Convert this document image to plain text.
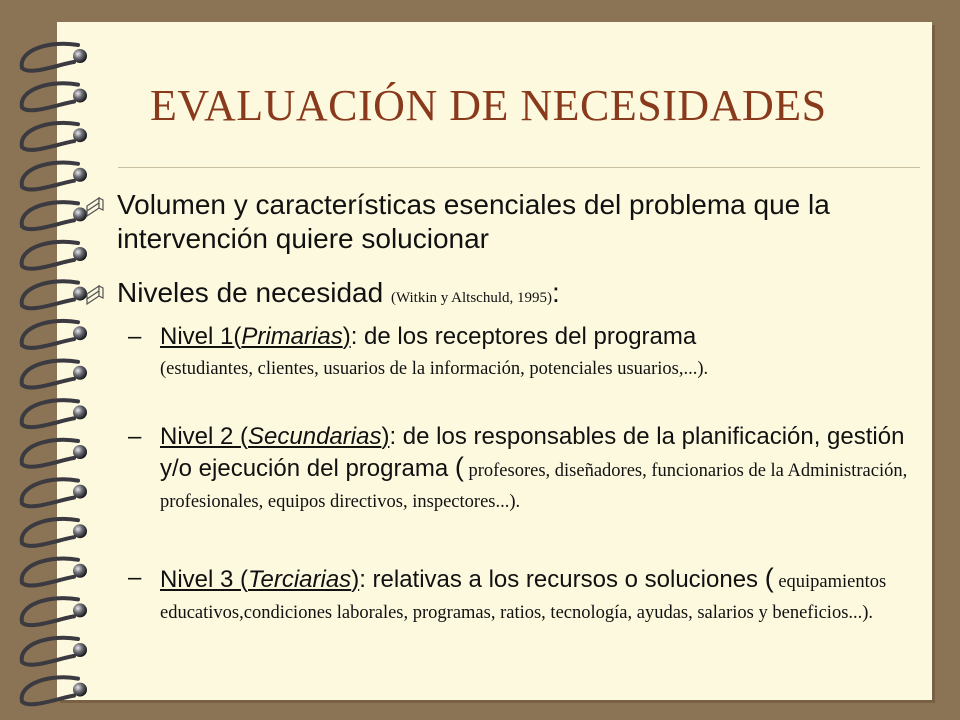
EVALUACIÓN DE NECESIDADES
Volumen y características esenciales del problema que la intervención quiere solucionar
Niveles de necesidad (Witkin y Altschuld, 1995):
– Nivel 1(Primarias): de los receptores del programa
(estudiantes, clientes, usuarios de la información, potenciales usuarios,...).
– Nivel 2 (Secundarias): de los responsables de la planificación, gestión y/o ejecución del programa ( profesores, diseñadores, funcionarios de la Administración, profesionales, equipos directivos, inspectores...).
– Nivel 3 (Terciarias): relativas a los recursos o soluciones ( equipamientos educativos,condiciones laborales, programas, ratios, tecnología, ayudas, salarios y beneficios...).
